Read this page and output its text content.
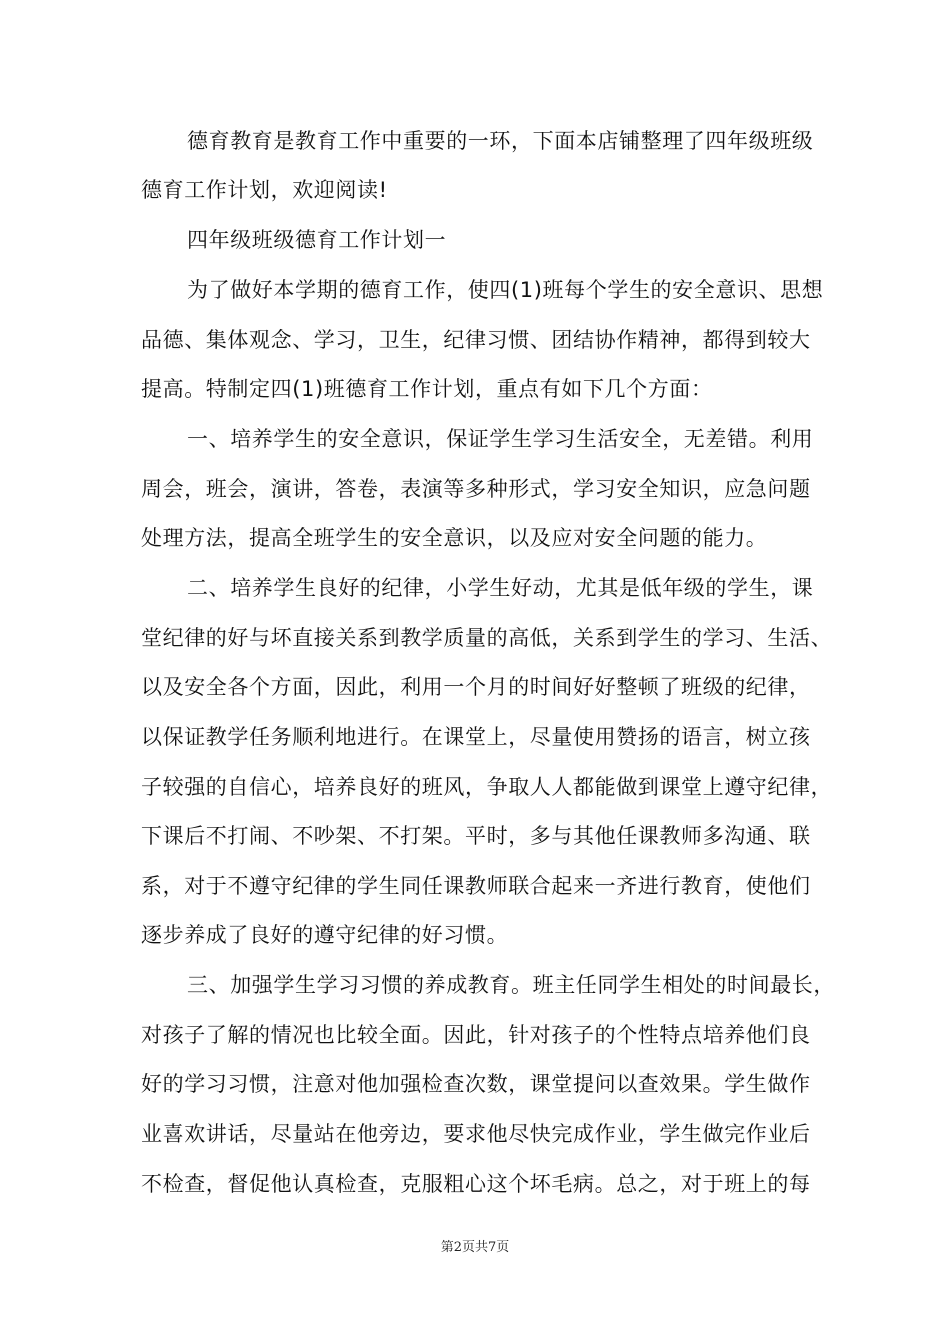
德育教育是教育工作中重要的一环，下面本店铺整理了四年级班级
德育工作计划，欢迎阅读!
四年级班级德育工作计划一
为了做好本学期的德育工作，使四(1)班每个学生的安全意识、思想
品德、集体观念、学习，卫生，纪律习惯、团结协作精神，都得到较大
提高。特制定四(1)班德育工作计划，重点有如下几个方面：
一、培养学生的安全意识，保证学生学习生活安全，无差错。利用
周会，班会，演讲，答卷，表演等多种形式，学习安全知识，应急问题
处理方法，提高全班学生的安全意识，以及应对安全问题的能力。
二、培养学生良好的纪律，小学生好动，尤其是低年级的学生，课
堂纪律的好与坏直接关系到教学质量的高低，关系到学生的学习、生活、
以及安全各个方面，因此，利用一个月的时间好好整顿了班级的纪律，
以保证教学任务顺利地进行。在课堂上，尽量使用赞扬的语言，树立孩
子较强的自信心，培养良好的班风，争取人人都能做到课堂上遵守纪律，
下课后不打闹、不吵架、不打架。平时，多与其他任课教师多沟通、联
系，对于不遵守纪律的学生同任课教师联合起来一齐进行教育，使他们
逐步养成了良好的遵守纪律的好习惯。
三、加强学生学习习惯的养成教育。班主任同学生相处的时间最长，
对孩子了解的情况也比较全面。因此，针对孩子的个性特点培养他们良
好的学习习惯，注意对他加强检查次数，课堂提问以查效果。学生做作
业喜欢讲话，尽量站在他旁边，要求他尽快完成作业，学生做完作业后
不检查，督促他认真检查，克服粗心这个坏毛病。总之，对于班上的每
第2页共7页
